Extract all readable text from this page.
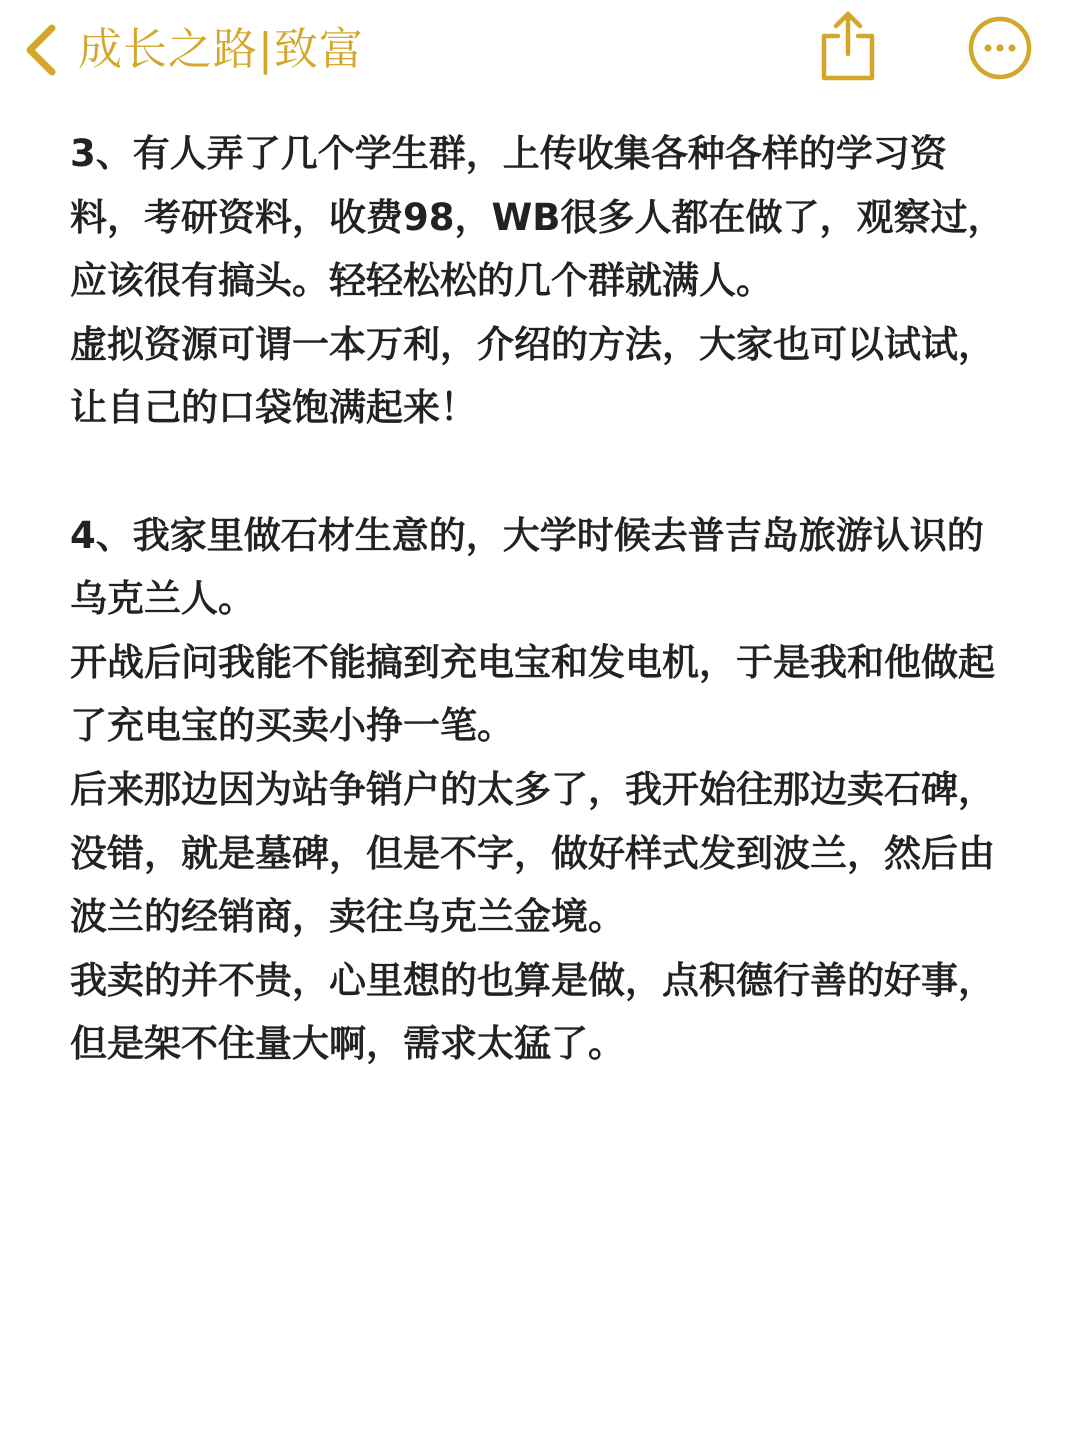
成长之路|致富

3、有人弄了几个学生群，上传收集各种各样的学习资料，考研资料，收费98，WB很多人都在做了，观察过，应该很有搞头。轻轻松松的几个群就满人。

虚拟资源可谓一本万利，介绍的方法，大家也可以试试，让自己的口袋饱满起来！

4、我家里做石材生意的，大学时候去普吉岛旅游认识的乌克兰人。

开战后问我能不能搞到充电宝和发电机，于是我和他做起了充电宝的买卖小挣一笔。

后来那边因为站争销户的太多了，我开始往那边卖石碑，没错，就是墓碑，但是不字，做好样式发到波兰，然后由波兰的经销商，卖往乌克兰金境。

我卖的并不贵，心里想的也算是做，点积德行善的好事，但是架不住量大啊，需求太猛了。
